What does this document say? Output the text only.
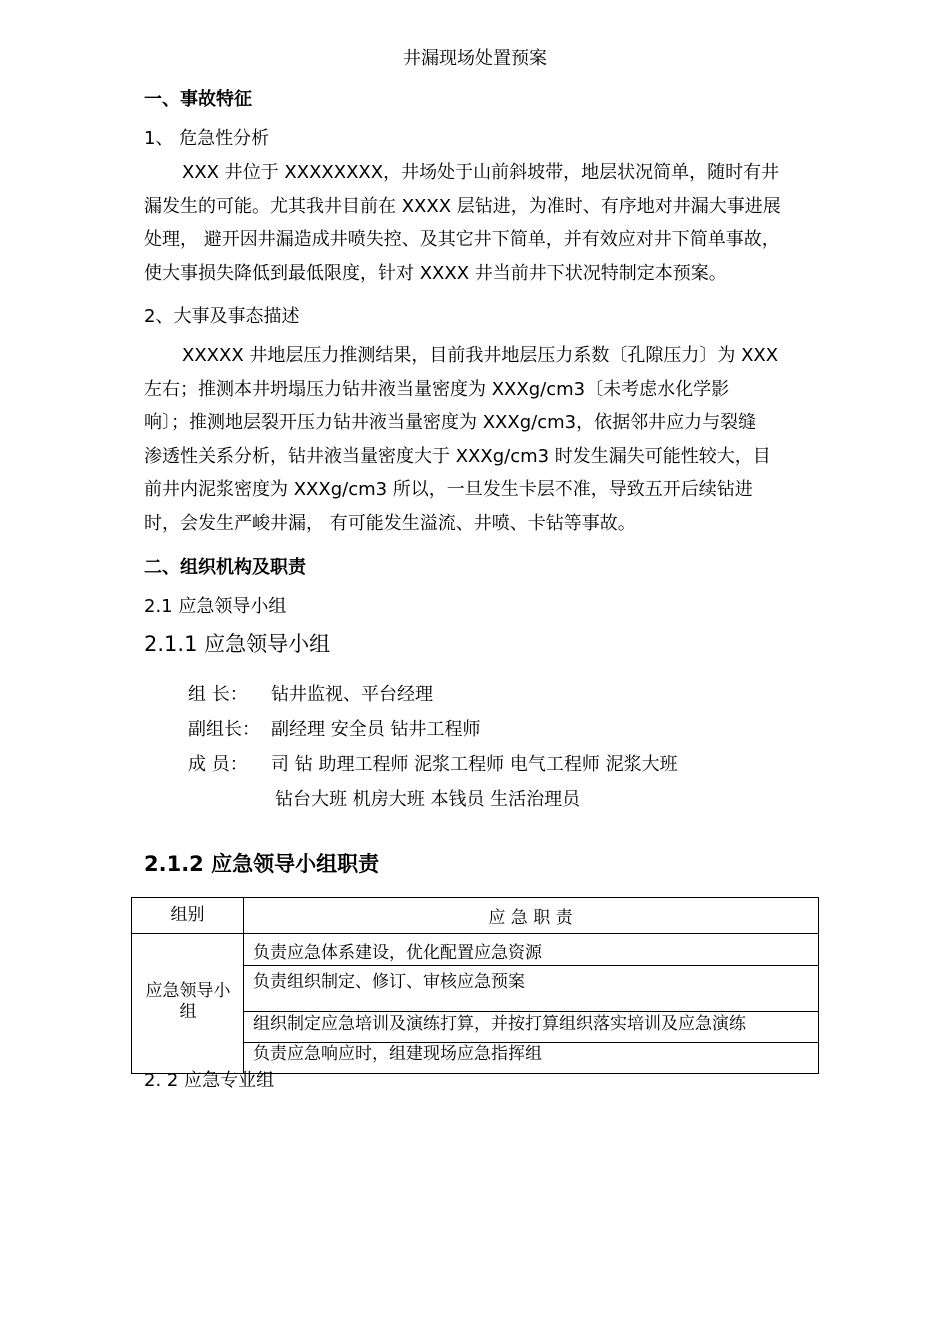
井漏现场处置预案
一、事故特征
1、 危急性分析
XXX 井位于 XXXXXXXX，井场处于山前斜坡带，地层状况简单，随时有井
漏发生的可能。尤其我井目前在 XXXX 层钻进，为准时、有序地对井漏大事进展
处理， 避开因井漏造成井喷失控、及其它井下简单，并有效应对井下简单事故，
使大事损失降低到最低限度，针对 XXXX 井当前井下状况特制定本预案。
2、大事及事态描述
XXXXX 井地层压力推测结果，目前我井地层压力系数〔孔隙压力〕为 XXX
左右；推测本井坍塌压力钻井液当量密度为 XXXg/cm3〔未考虑水化学影
响〕；推测地层裂开压力钻井液当量密度为 XXXg/cm3，依据邻井应力与裂缝
渗透性关系分析，钻井液当量密度大于 XXXg/cm3 时发生漏失可能性较大，目
前井内泥浆密度为 XXXg/cm3 所以，一旦发生卡层不准，导致五开后续钻进
时，会发生严峻井漏， 有可能发生溢流、井喷、卡钻等事故。
二、组织机构及职责
2.1 应急领导小组
2.1.1 应急领导小组
组 长： 钻井监视、平台经理
副组长： 副经理 安全员 钻井工程师
成 员： 司 钻 助理工程师 泥浆工程师 电气工程师 泥浆大班
钻台大班 机房大班 本钱员 生活治理员
2.1.2 应急领导小组职责
组别	应 急 职 责
应急领导小组
负责应急体系建设，优化配置应急资源
负责组织制定、修订、审核应急预案
组织制定应急培训及演练打算，并按打算组织落实培训及应急演练
负责应急响应时，组建现场应急指挥组
2. 2 应急专业组
